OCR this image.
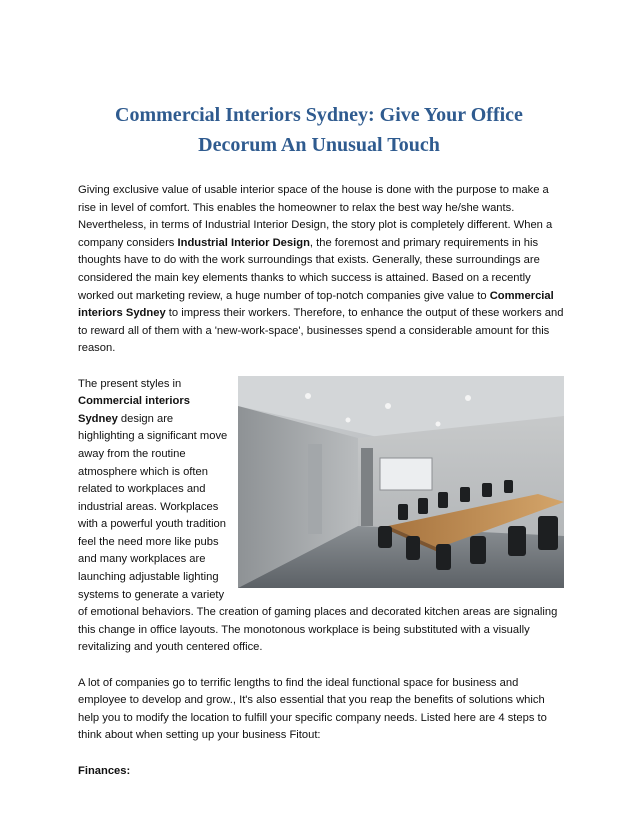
Commercial Interiors Sydney: Give Your Office
Decorum An Unusual Touch

Giving exclusive value of usable interior space of the house is done with the purpose to make a rise in level of comfort. This enables the homeowner to relax the best way he/she wants. Nevertheless, in terms of Industrial Interior Design, the story plot is completely different. When a company considers Industrial Interior Design, the foremost and primary requirements in his thoughts have to do with the work surroundings that exists. Generally, these surroundings are considered the main key elements thanks to which success is attained. Based on a recently worked out marketing review, a huge number of top-notch companies give value to Commercial interiors Sydney to impress their workers. Therefore, to enhance the output of these workers and to reward all of them with a 'new-work-space', businesses spend a considerable amount for this reason.

The present styles in Commercial interiors Sydney design are highlighting a significant move away from the routine atmosphere which is often related to workplaces and industrial areas. Workplaces with a powerful youth tradition feel the need more like pubs and many workplaces are launching adjustable lighting systems to generate a variety of emotional behaviors. The creation of gaming places and decorated kitchen areas are signaling this change in office layouts. The monotonous workplace is being substituted with a visually revitalizing and youth centered office.

A lot of companies go to terrific lengths to find the ideal functional space for business and employee to develop and grow., It's also essential that you reap the benefits of solutions which help you to modify the location to fulfill your specific company needs. Listed here are 4 steps to think about when setting up your business Fitout:

Finances:
